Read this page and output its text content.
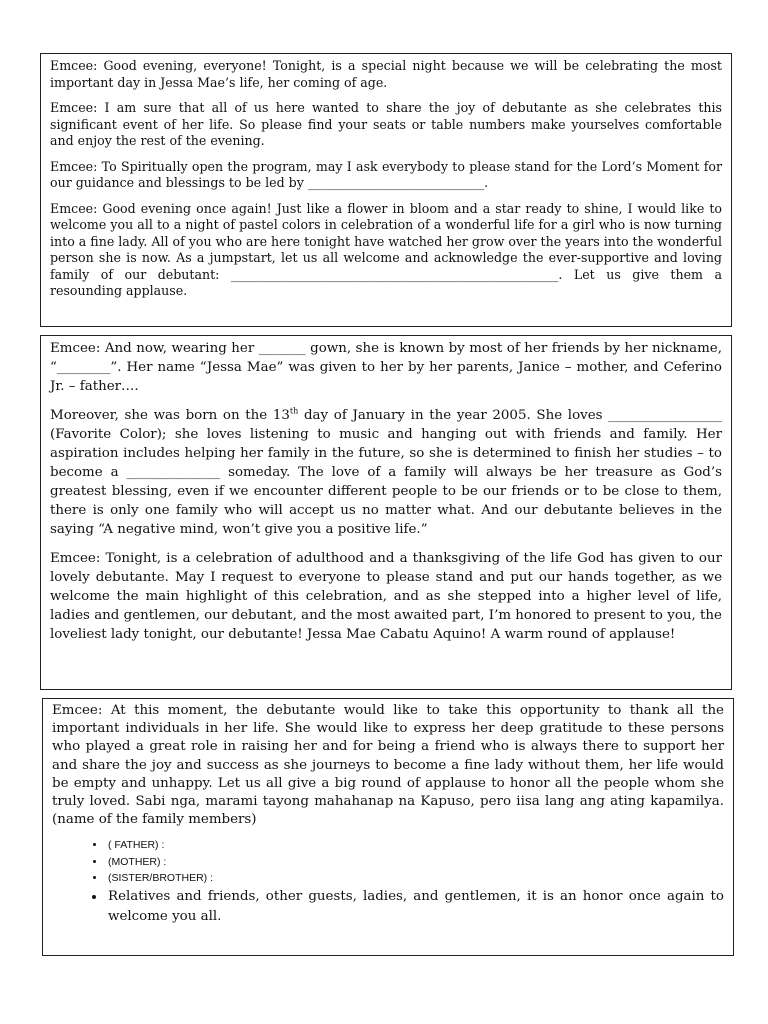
Emcee: Good evening, everyone! Tonight, is a special night because we will be celebrating the most important day in Jessa Mae’s life, her coming of age.

Emcee: I am sure that all of us here wanted to share the joy of debutante as she celebrates this significant event of her life. So please find your seats or table numbers make yourselves comfortable and enjoy the rest of the evening.

Emcee: To Spiritually open the program, may I ask everybody to please stand for the Lord’s Moment for our guidance and blessings to be led by ____________________________.

Emcee: Good evening once again! Just like a flower in bloom and a star ready to shine, I would like to welcome you all to a night of pastel colors in celebration of a wonderful life for a girl who is now turning into a fine lady. All of you who are here tonight have watched her grow over the years into the wonderful person she is now. As a jumpstart, let us all welcome and acknowledge the ever-supportive and loving family of our debutant: ____________________________________________________. Let us give them a resounding applause.

Emcee: And now, wearing her _______ gown, she is known by most of her friends by her nickname, “________”. Her name “Jessa Mae” was given to her by her parents, Janice – mother, and Ceferino Jr. – father….

Moreover, she was born on the 13th day of January in the year 2005. She loves _________________ (Favorite Color); she loves listening to music and hanging out with friends and family. Her aspiration includes helping her family in the future, so she is determined to finish her studies – to become a ______________ someday. The love of a family will always be her treasure as God’s greatest blessing, even if we encounter different people to be our friends or to be close to them, there is only one family who will accept us no matter what. And our debutante believes in the saying “A negative mind, won’t give you a positive life.”

Emcee: Tonight, is a celebration of adulthood and a thanksgiving of the life God has given to our lovely debutante. May I request to everyone to please stand and put our hands together, as we welcome the main highlight of this celebration, and as she stepped into a higher level of life, ladies and gentlemen, our debutant, and the most awaited part, I’m honored to present to you, the loveliest lady tonight, our debutante! Jessa Mae Cabatu Aquino! A warm round of applause!

Emcee: At this moment, the debutante would like to take this opportunity to thank all the important individuals in her life. She would like to express her deep gratitude to these persons who played a great role in raising her and for being a friend who is always there to support her and share the joy and success as she journeys to become a fine lady without them, her life would be empty and unhappy. Let us all give a big round of applause to honor all the people whom she truly loved. Sabi nga, marami tayong mahahanap na Kapuso, pero iisa lang ang ating kapamilya. (name of the family members)

• ( FATHER) :
• (MOTHER) :
• (SISTER/BROTHER) :
• Relatives and friends, other guests, ladies, and gentlemen, it is an honor once again to welcome you all.
